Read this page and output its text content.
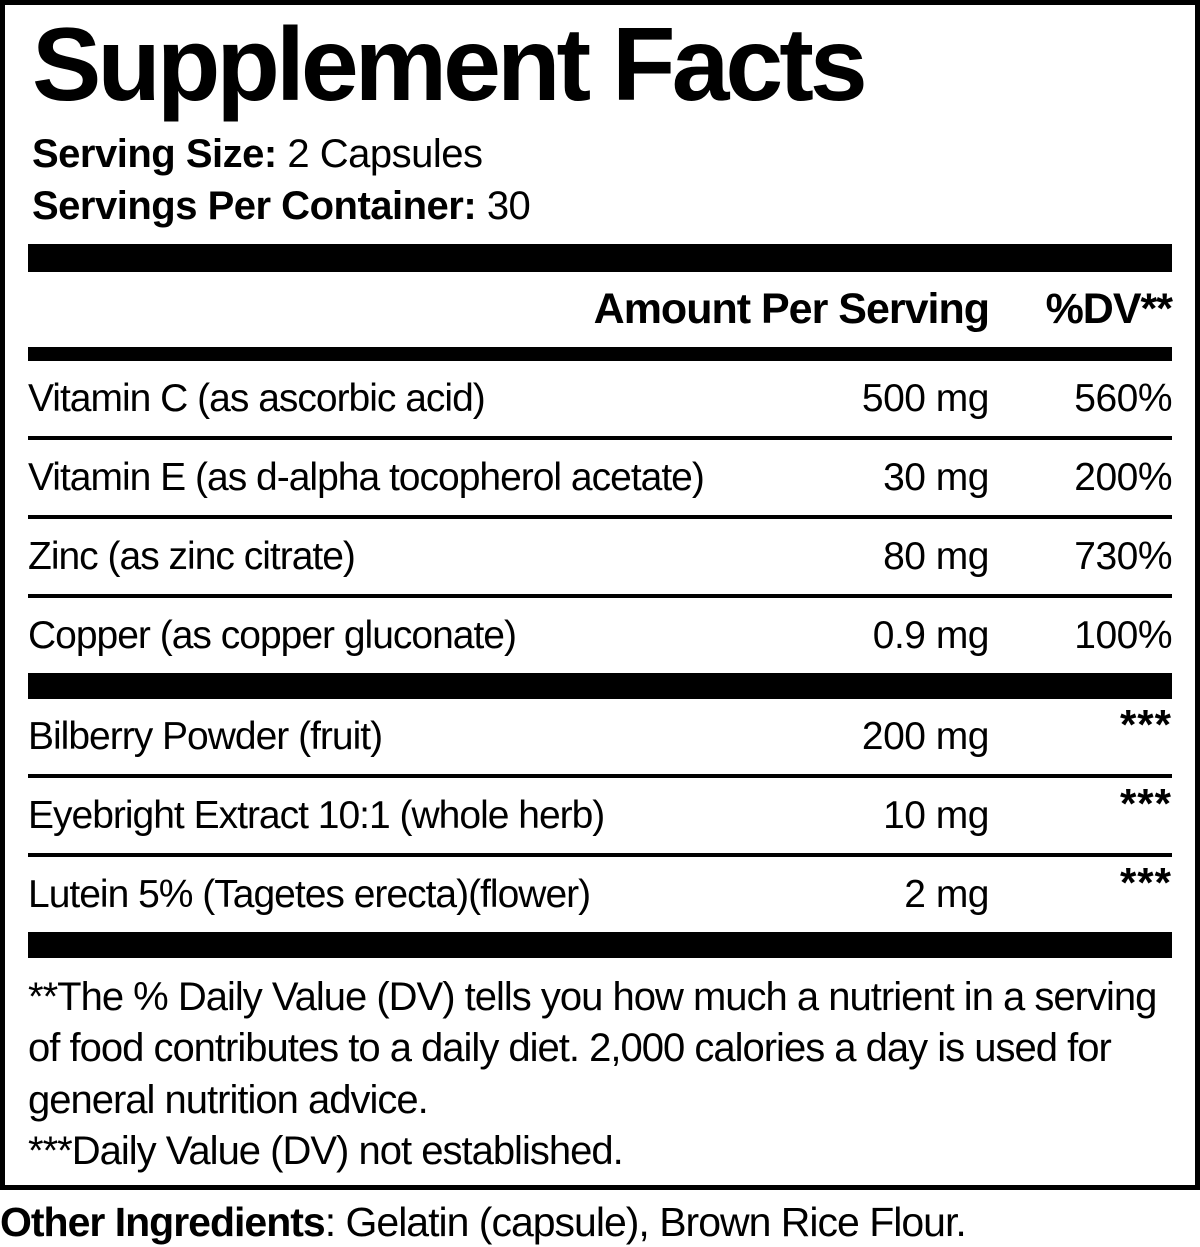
Supplement Facts
Serving Size: 2 Capsules
Servings Per Container: 30
Amount Per Serving	%DV**
Vitamin C (as ascorbic acid)	500 mg	560%
Vitamin E (as d-alpha tocopherol acetate)	30 mg	200%
Zinc (as zinc citrate)	80 mg	730%
Copper (as copper gluconate)	0.9 mg	100%
Bilberry Powder (fruit)	200 mg	***
Eyebright Extract 10:1 (whole herb)	10 mg	***
Lutein 5% (Tagetes erecta)(flower)	2 mg	***

**The % Daily Value (DV) tells you how much a nutrient in a serving of food contributes to a daily diet. 2,000 calories a day is used for general nutrition advice.

***Daily Value (DV) not established.

Other Ingredients: Gelatin (capsule), Brown Rice Flour.
